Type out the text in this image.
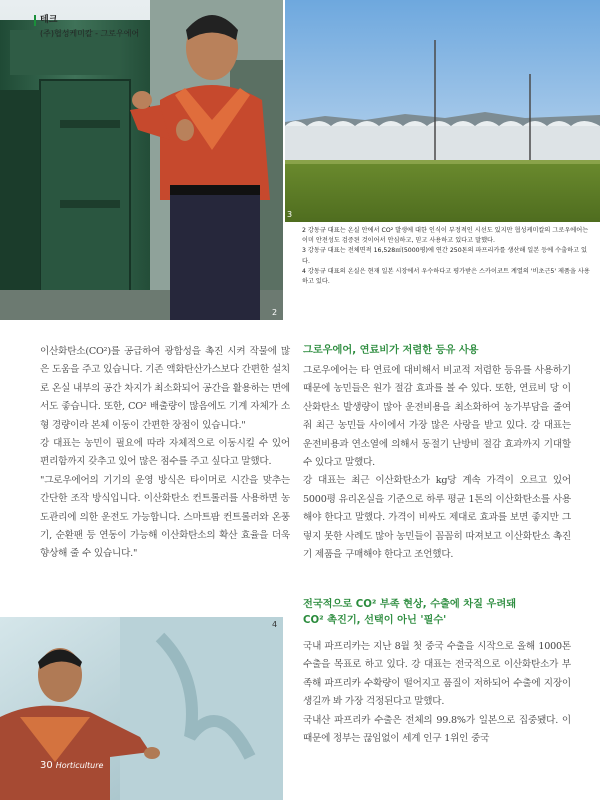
테크
(주)협성케미칼 - 그로우에어
2
3

2 강동규 대표는 온실 안에서 CO² 발생에 대한 인식이 부정적인 시선도 있지만 협성케미칼의 그로우에어는 이미 안전성도 검증된 것이어서 안심하고, 믿고 사용하고 있다고 말했다.

3 강동규 대표는 전체면적 16,528㎡(5000평)에 연간 250톤의 파프리카를 생산해 일본 등에 수출하고 있다.

4 강동규 대표의 온실은 현재 일본 시장에서 우수하다고 평가받은 스카이코트 계열의 '비초근5' 제품을 사용하고 있다.

이산화탄소(CO²)를 공급하여 광합성을 촉진 시켜 작물에 많은 도움을 주고 있습니다. 기존 액화탄산가스보다 간편한 설치로 온실 내부의 공간 차지가 최소화되어 공간을 활용하는 면에서도 좋습니다. 또한, CO² 배출량이 많음에도 기계 자체가 소형 경량이라 본체 이동이 간편한 장점이 있습니다."

강 대표는 농민이 필요에 따라 자체적으로 이동시킬 수 있어 편리함까지 갖추고 있어 많은 점수를 주고 싶다고 말했다.

"그로우에어의 기기의 운영 방식은 타이머로 시간을 맞추는 간단한 조작 방식입니다. 이산화탄소 컨트롤러를 사용하면 농도관리에 의한 운전도 가능합니다. 스마트팜 컨트롤러와 온풍기, 순환팬 등 연동이 가능해 이산화탄소의 확산 효율을 더욱 향상해 줄 수 있습니다."

4
30 Horticulture
그로우에어, 연료비가 저렴한 등유 사용

그로우에어는 타 연료에 대비해서 비교적 저렴한 등유를 사용하기 때문에 농민들은 원가 절감 효과를 볼 수 있다. 또한, 연료비 당 이산화탄소 발생량이 많아 운전비용을 최소화하여 농가부담을 줄여 줘 최근 농민들 사이에서 가장 많은 사랑을 받고 있다. 강 대표는 운전비용과 연소열에 의해서 동절기 난방비 절감 효과까지 기대할 수 있다고 말했다.

강 대표는 최근 이산화탄소가 kg당 계속 가격이 오르고 있어 5000평 유리온실을 기준으로 하루 평균 1톤의 이산화탄소를 사용해야 한다고 말했다. 가격이 비싸도 제대로 효과를 보면 좋지만 그렇지 못한 사례도 많아 농민들이 꼼꼼히 따져보고 이산화탄소 촉진기 제품을 구매해야 한다고 조언했다.

전국적으로 CO² 부족 현상, 수출에 차질 우려돼
CO² 촉진기, 선택이 아닌 '필수'

국내 파프리카는 지난 8월 첫 중국 수출을 시작으로 올해 1000톤 수출을 목표로 하고 있다. 강 대표는 전국적으로 이산화탄소가 부족해 파프리카 수확량이 떨어지고 품질이 저하되어 수출에 지장이 생길까 봐 가장 걱정된다고 말했다.

국내산 파프리카 수출은 전체의 99.8%가 일본으로 집중됐다. 이 때문에 정부는 끊임없이 세계 인구 1위인 중국
